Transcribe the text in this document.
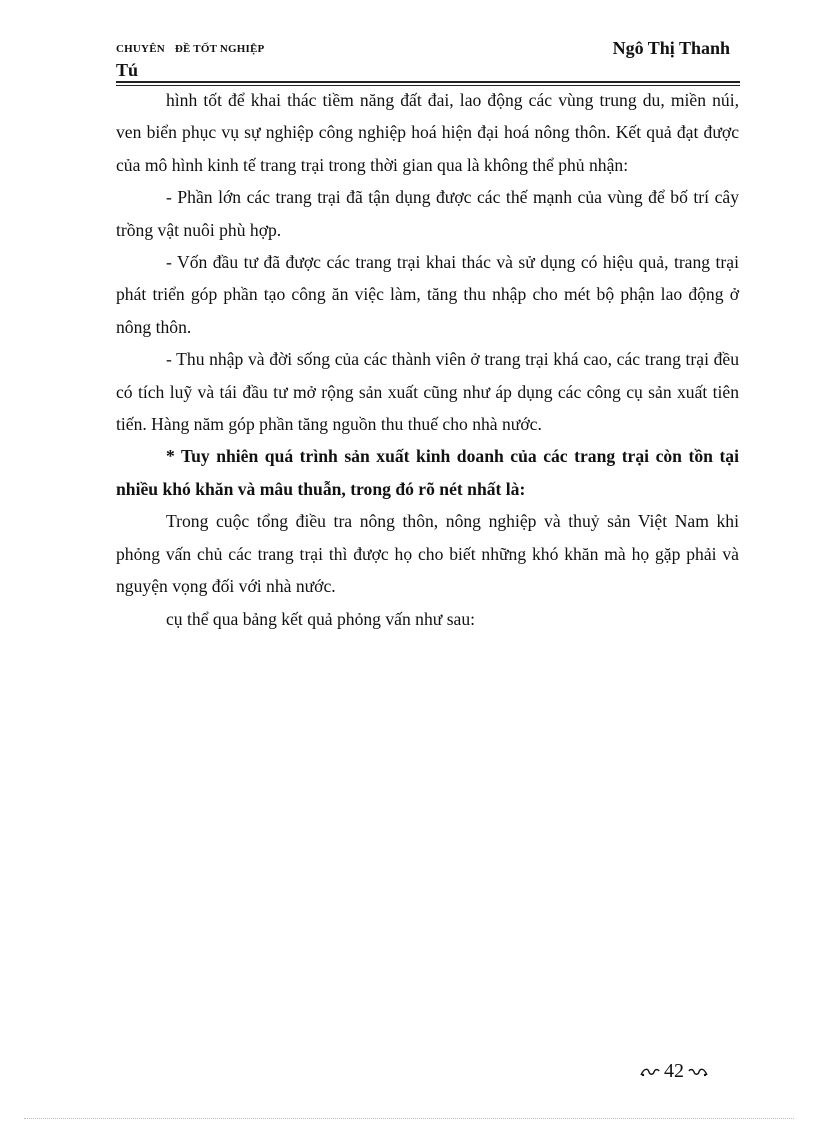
CHUYÊN ĐỀ TỐT NGHIỆP	Ngô Thị Thanh
Tú

hình tốt để khai thác tiềm năng đất đai, lao động các vùng trung du, miền núi, ven biển phục vụ sự nghiệp công nghiệp hoá hiện đại hoá nông thôn. Kết quả đạt được của mô hình kinh tế trang trại trong thời gian qua là không thể phủ nhận:

- Phần lớn các trang trại đã tận dụng được các thế mạnh của vùng để bố trí cây trồng vật nuôi phù hợp.

- Vốn đầu tư đã được các trang trại khai thác và sử dụng có hiệu quả, trang trại phát triển góp phần tạo công ăn việc làm, tăng thu nhập cho mét bộ phận lao động ở nông thôn.

- Thu nhập và đời sống của các thành viên ở trang trại khá cao, các trang trại đều có tích luỹ và tái đầu tư mở rộng sản xuất cũng như áp dụng các công cụ sản xuất tiên tiến. Hàng năm góp phần tăng nguồn thu thuế cho nhà nước.

* Tuy nhiên quá trình sản xuất kinh doanh của các trang trại còn tồn tại nhiều khó khăn và mâu thuẫn, trong đó rõ nét nhất là:

Trong cuộc tổng điều tra nông thôn, nông nghiệp và thuỷ sản Việt Nam khi phỏng vấn chủ các trang trại thì được họ cho biết những khó khăn mà họ gặp phải và nguyện vọng đối với nhà nước.

cụ thể qua bảng kết quả phỏng vấn như sau:

42
